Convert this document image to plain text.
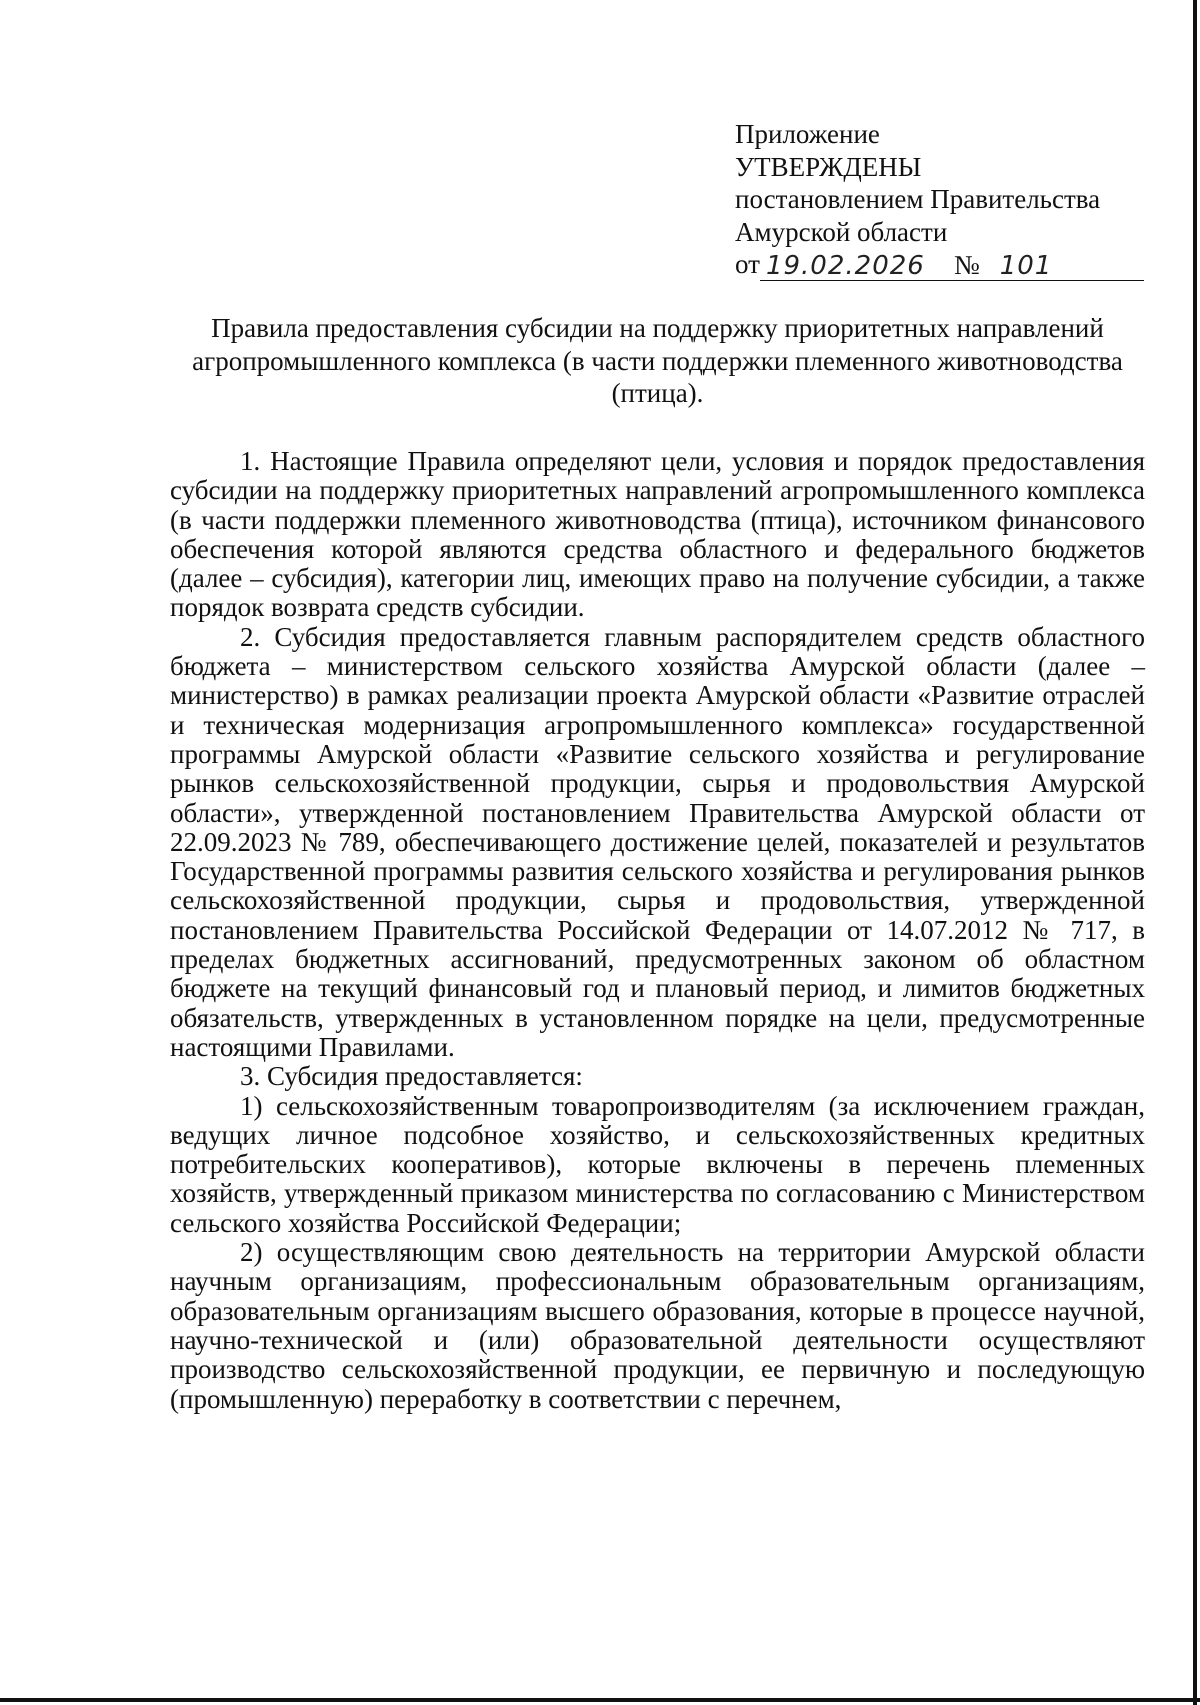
Приложение
УТВЕРЖДЕНЫ
постановлением Правительства
Амурской области
от 19.02.2026	№ 101
Правила предоставления субсидии на поддержку приоритетных направлений агропромышленного комплекса (в части поддержки племенного животноводства (птица).

1. Настоящие Правила определяют цели, условия и порядок предоставления субсидии на поддержку приоритетных направлений агропромышленного комплекса (в части поддержки племенного животноводства (птица), источником финансового обеспечения которой являются средства областного и федерального бюджетов (далее – субсидия), категории лиц, имеющих право на получение субсидии, а также порядок возврата средств субсидии.

2. Субсидия предоставляется главным распорядителем средств областного бюджета – министерством сельского хозяйства Амурской области (далее – министерство) в рамках реализации проекта Амурской области «Развитие отраслей и техническая модернизация агропромышленного комплекса» государственной программы Амурской области «Развитие сельского хозяйства и регулирование рынков сельскохозяйственной продукции, сырья и продовольствия Амурской области», утвержденной постановлением Правительства Амурской области от 22.09.2023 № 789, обеспечивающего достижение целей, показателей и результатов Государственной программы развития сельского хозяйства и регулирования рынков сельскохозяйственной продукции, сырья и продовольствия, утвержденной постановлением Правительства Российской Федерации от 14.07.2012 № 717, в пределах бюджетных ассигнований, предусмотренных законом об областном бюджете на текущий финансовый год и плановый период, и лимитов бюджетных обязательств, утвержденных в установленном порядке на цели, предусмотренные настоящими Правилами.

3. Субсидия предоставляется:

1) сельскохозяйственным товаропроизводителям (за исключением граждан, ведущих личное подсобное хозяйство, и сельскохозяйственных кредитных потребительских кооперативов), которые включены в перечень племенных хозяйств, утвержденный приказом министерства по согласованию с Министерством сельского хозяйства Российской Федерации;

2) осуществляющим свою деятельность на территории Амурской области научным организациям, профессиональным образовательным организациям, образовательным организациям высшего образования, которые в процессе научной, научно-технической и (или) образовательной деятельности осуществляют производство сельскохозяйственной продукции, ее первичную и последующую (промышленную) переработку в соответствии с перечнем,
